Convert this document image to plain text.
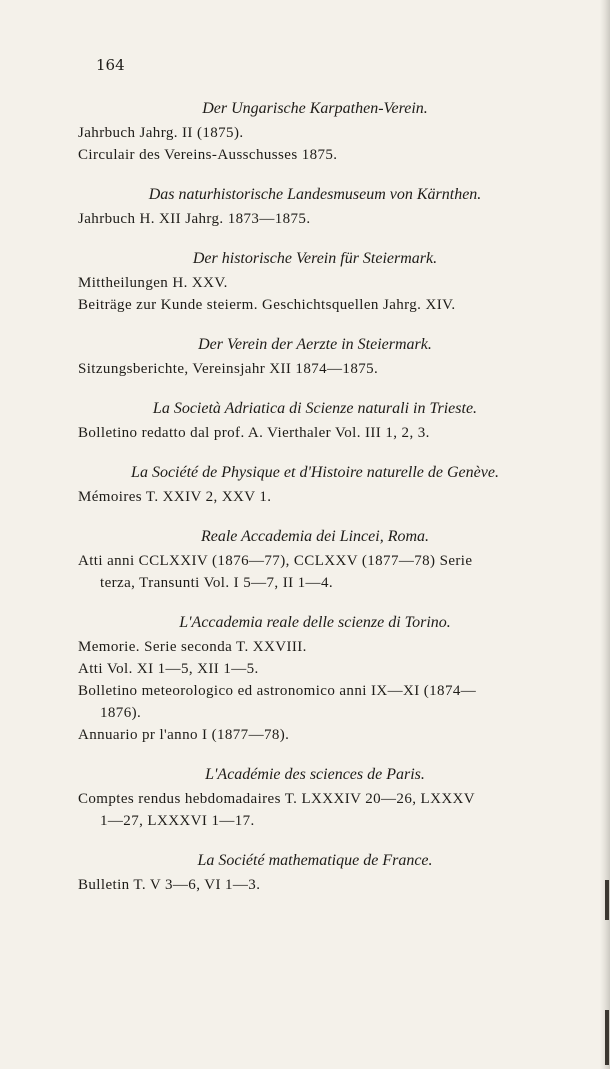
164
Der Ungarische Karpathen-Verein.
Jahrbuch Jahrg. II (1875).
Circulair des Vereins-Ausschusses 1875.
Das naturhistorische Landesmuseum von Kärnthen.
Jahrbuch H. XII Jahrg. 1873—1875.
Der historische Verein für Steiermark.
Mittheilungen H. XXV.
Beiträge zur Kunde steierm. Geschichtsquellen Jahrg. XIV.
Der Verein der Aerzte in Steiermark.
Sitzungsberichte, Vereinsjahr XII 1874—1875.
La Società Adriatica di Scienze naturali in Trieste.
Bolletino redatto dal prof. A. Vierthaler Vol. III 1, 2, 3.
La Société de Physique et d'Histoire naturelle de Genève.
Mémoires T. XXIV 2, XXV 1.
Reale Accademia dei Lincei, Roma.
Atti anni CCLXXIV (1876—77), CCLXXV (1877—78) Serie
terza, Transunti Vol. I 5—7, II 1—4.
L'Accademia reale delle scienze di Torino.
Memorie. Serie seconda T. XXVIII.
Atti Vol. XI 1—5, XII 1—5.
Bolletino meteorologico ed astronomico anni IX—XI (1874—
1876).
Annuario pr l'anno I (1877—78).
L'Académie des sciences de Paris.
Comptes rendus hebdomadaires T. LXXXIV 20—26, LXXXV
1—27, LXXXVI 1—17.
La Société mathematique de France.
Bulletin T. V 3—6, VI 1—3.
